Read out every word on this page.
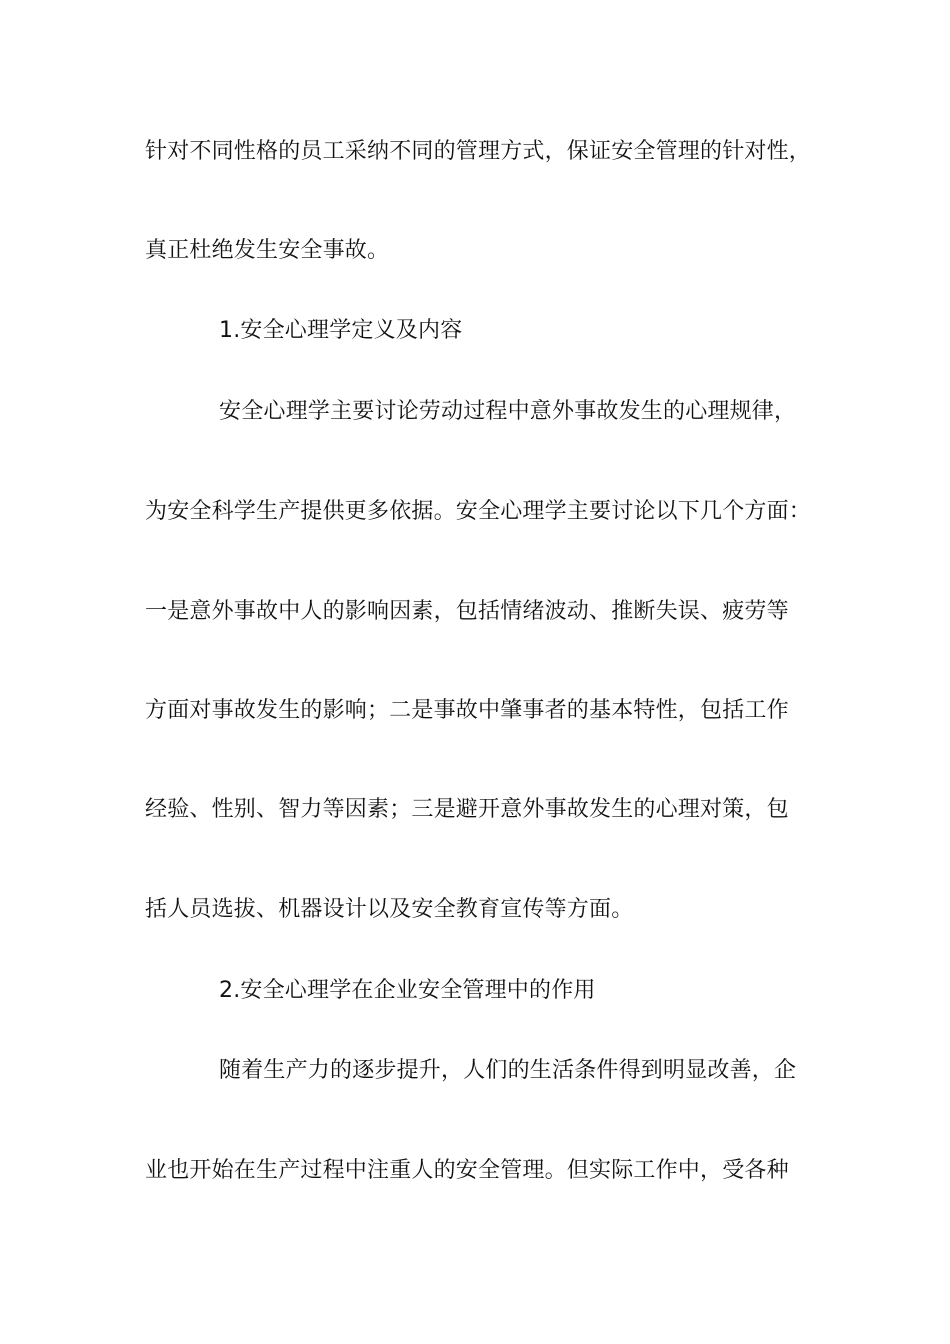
针对不同性格的员工采纳不同的管理方式，保证安全管理的针对性，
真正杜绝发生安全事故。
1.安全心理学定义及内容
安全心理学主要讨论劳动过程中意外事故发生的心理规律，
为安全科学生产提供更多依据。安全心理学主要讨论以下几个方面：
一是意外事故中人的影响因素，包括情绪波动、推断失误、疲劳等
方面对事故发生的影响；二是事故中肇事者的基本特性，包括工作
经验、性别、智力等因素；三是避开意外事故发生的心理对策，包
括人员选拔、机器设计以及安全教育宣传等方面。
2.安全心理学在企业安全管理中的作用
随着生产力的逐步提升，人们的生活条件得到明显改善，企
业也开始在生产过程中注重人的安全管理。但实际工作中，受各种
